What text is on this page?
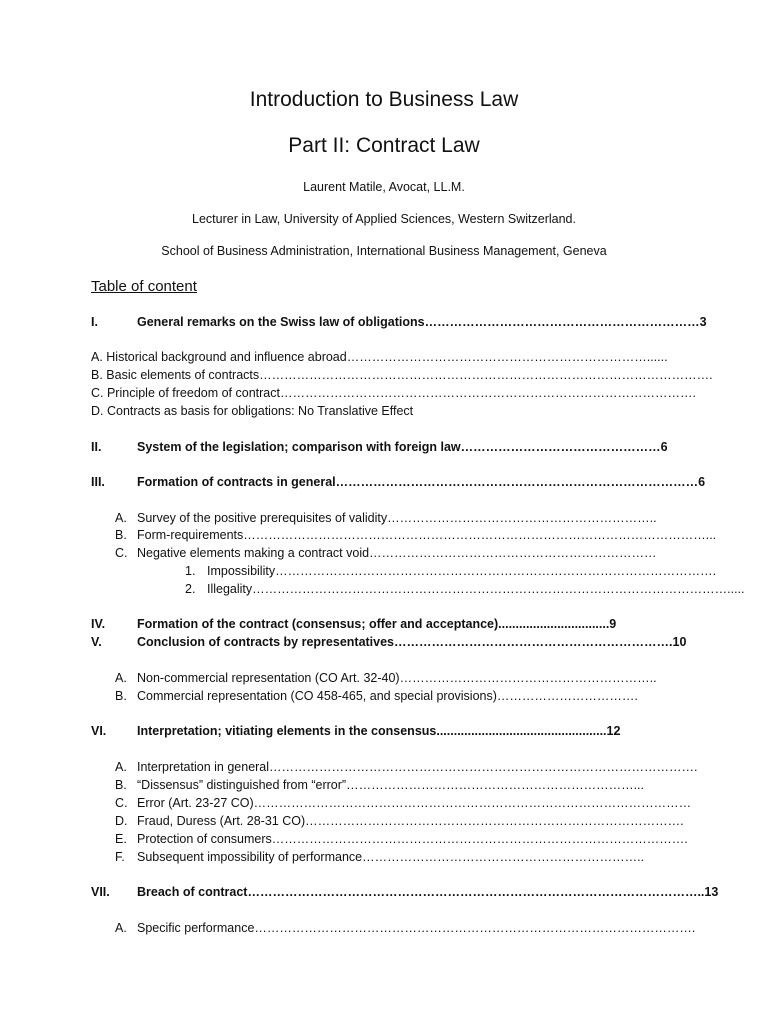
Introduction to Business Law
Part II: Contract Law
Laurent Matile, Avocat, LL.M.
Lecturer in Law, University of Applied Sciences, Western Switzerland.
School of Business Administration, International Business Management, Geneva
Table of content
I.	General remarks on the Swiss law of obligations…………………………………………………………3
A. Historical background and influence abroad………………………………………………………………......
B. Basic elements of contracts……………………………………………………………………………………………….
C. Principle of freedom of contract……………………………………………………………………………………….
D. Contracts as basis for obligations: No Translative Effect
II.	System of the legislation; comparison with foreign law…………………………………………6
III.	Formation of contracts in general……………………………………………………………………………6
A. Survey of the positive prerequisites of validity………………………………………………………..
B. Form-requirements…………………………………………………………………………………………………...
C. Negative elements making a contract void……………………………………………………………
1. Impossibility…………………………………………………………………………………………….
2. Illegality…………………………………………………………………………………………………….....
IV.	Formation of the contract (consensus; offer and acceptance)................................9
V.	Conclusion of contracts by representatives………………………………………………………….10
A. Non-commercial representation (CO Art. 32-40)……………………………………………………..
B. Commercial representation (CO 458-465, and special provisions)…………………………….
VI. Interpretation; vitiating elements in the consensus.................................................12
A. Interpretation in general………………………………………………………………………………………….
B. “Dissensus” distinguished from “error”……………………………………………………………...
C. Error (Art. 23-27 CO)……………………………………………………………………………………………
D. Fraud, Duress (Art. 28-31 CO)……………………………………………………………………………….
E. Protection of consumers……………………………………………………………………………………….
F. Subsequent impossibility of performance…………………………………………………………..
VII. Breach of contract………………………………………………………………………………………………..13
A. Specific performance…………………………………………………………………………………………….
